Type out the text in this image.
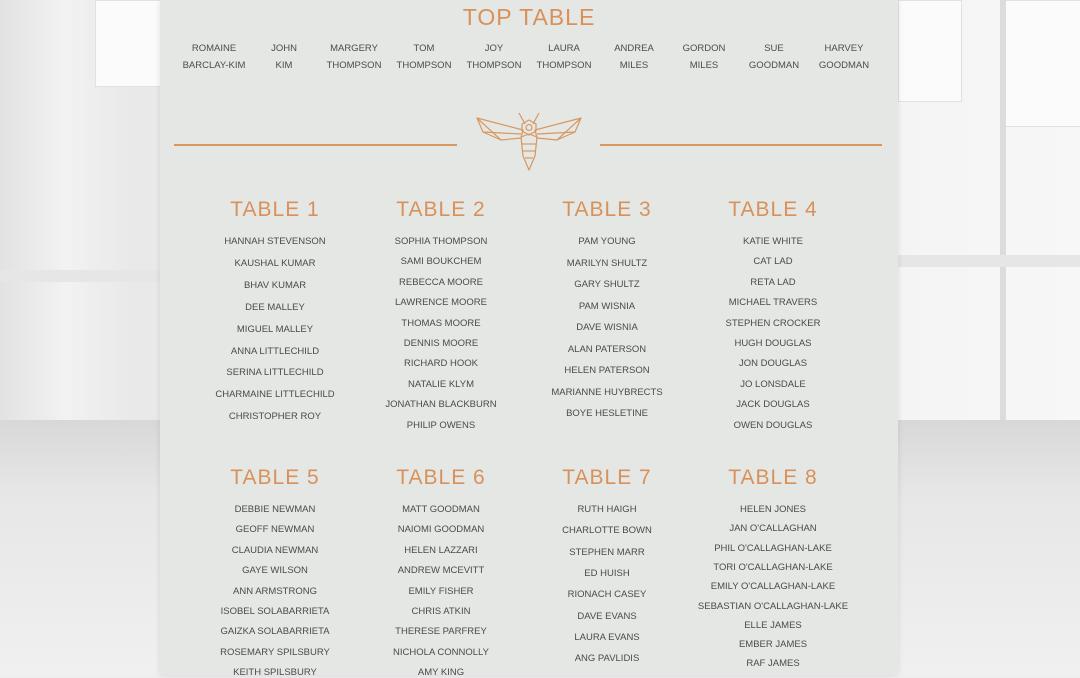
TOP TABLE
ROMAINE
BARCLAY-KIM
JOHN
KIM
MARGERY
THOMPSON
TOM
THOMPSON
JOY
THOMPSON
LAURA
THOMPSON
ANDREA
MILES
GORDON
MILES
SUE
GOODMAN
HARVEY
GOODMAN
TABLE 1
HANNAH STEVENSON
KAUSHAL KUMAR
BHAV KUMAR
DEE MALLEY
MIGUEL MALLEY
ANNA LITTLECHILD
SERINA LITTLECHILD
CHARMAINE LITTLECHILD
CHRISTOPHER ROY
TABLE 2
SOPHIA THOMPSON
SAMI BOUKCHEM
REBECCA MOORE
LAWRENCE MOORE
THOMAS MOORE
DENNIS MOORE
RICHARD HOOK
NATALIE KLYM
JONATHAN BLACKBURN
PHILIP OWENS
TABLE 3
PAM YOUNG
MARILYN SHULTZ
GARY SHULTZ
PAM WISNIA
DAVE WISNIA
ALAN PATERSON
HELEN PATERSON
MARIANNE HUYBRECTS
BOYE HESLETINE
TABLE 4
KATIE WHITE
CAT LAD
RETA LAD
MICHAEL TRAVERS
STEPHEN CROCKER
HUGH DOUGLAS
JON DOUGLAS
JO LONSDALE
JACK DOUGLAS
OWEN DOUGLAS
TABLE 5
DEBBIE NEWMAN
GEOFF NEWMAN
CLAUDIA NEWMAN
GAYE WILSON
ANN ARMSTRONG
ISOBEL SOLABARRIETA
GAIZKA SOLABARRIETA
ROSEMARY SPILSBURY
KEITH SPILSBURY
TABLE 6
MATT GOODMAN
NAIOMI GOODMAN
HELEN LAZZARI
ANDREW MCEVITT
EMILY FISHER
CHRIS ATKIN
THERESE PARFREY
NICHOLA CONNOLLY
AMY KING
TABLE 7
RUTH HAIGH
CHARLOTTE BOWN
STEPHEN MARR
ED HUISH
RIONACH CASEY
DAVE EVANS
LAURA EVANS
ANG PAVLIDIS
TABLE 8
HELEN JONES
JAN O'CALLAGHAN
PHIL O'CALLAGHAN-LAKE
TORI O'CALLAGHAN-LAKE
EMILY O'CALLAGHAN-LAKE
SEBASTIAN O'CALLAGHAN-LAKE
ELLE JAMES
EMBER JAMES
RAF JAMES
